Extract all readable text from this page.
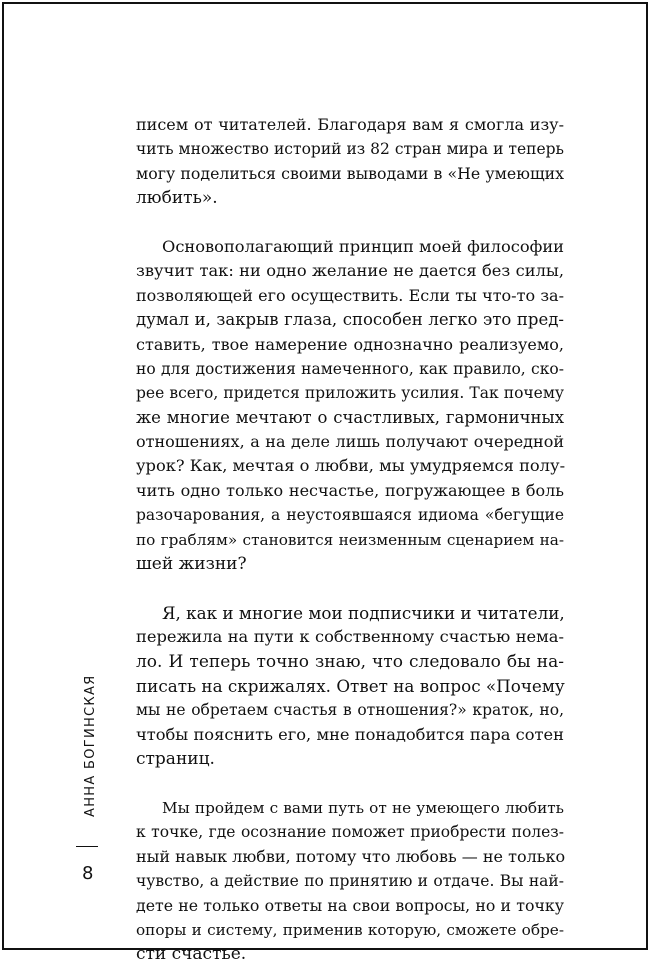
писем от читателей. Благодаря вам я смогла изу-
чить множество историй из 82 стран мира и теперь
могу поделиться своими выводами в «Не умеющих
любить».
Основополагающий принцип моей философии
звучит так: ни одно желание не дается без силы,
позволяющей его осуществить. Если ты что-то за-
думал и, закрыв глаза, способен легко это пред-
ставить, твое намерение однозначно реализуемо,
но для достижения намеченного, как правило, ско-
рее всего, придется приложить усилия. Так почему
же многие мечтают о счастливых, гармоничных
отношениях, а на деле лишь получают очередной
урок? Как, мечтая о любви, мы умудряемся полу-
чить одно только несчастье, погружающее в боль
разочарования, а неустоявшаяся идиома «бегущие
по граблям» становится неизменным сценарием на-
шей жизни?
Я, как и многие мои подписчики и читатели,
пережила на пути к собственному счастью нема-
ло. И теперь точно знаю, что следовало бы на-
писать на скрижалях. Ответ на вопрос «Почему
мы не обретаем счастья в отношения?» краток, но,
чтобы пояснить его, мне понадобится пара сотен
страниц.
Мы пройдем с вами путь от не умеющего любить
к точке, где осознание поможет приобрести полез-
ный навык любви, потому что любовь — не только
чувство, а действие по принятию и отдаче. Вы най-
дете не только ответы на свои вопросы, но и точку
опоры и систему, применив которую, сможете обре-
сти счастье.
АННА БОГИНСКАЯ
8
